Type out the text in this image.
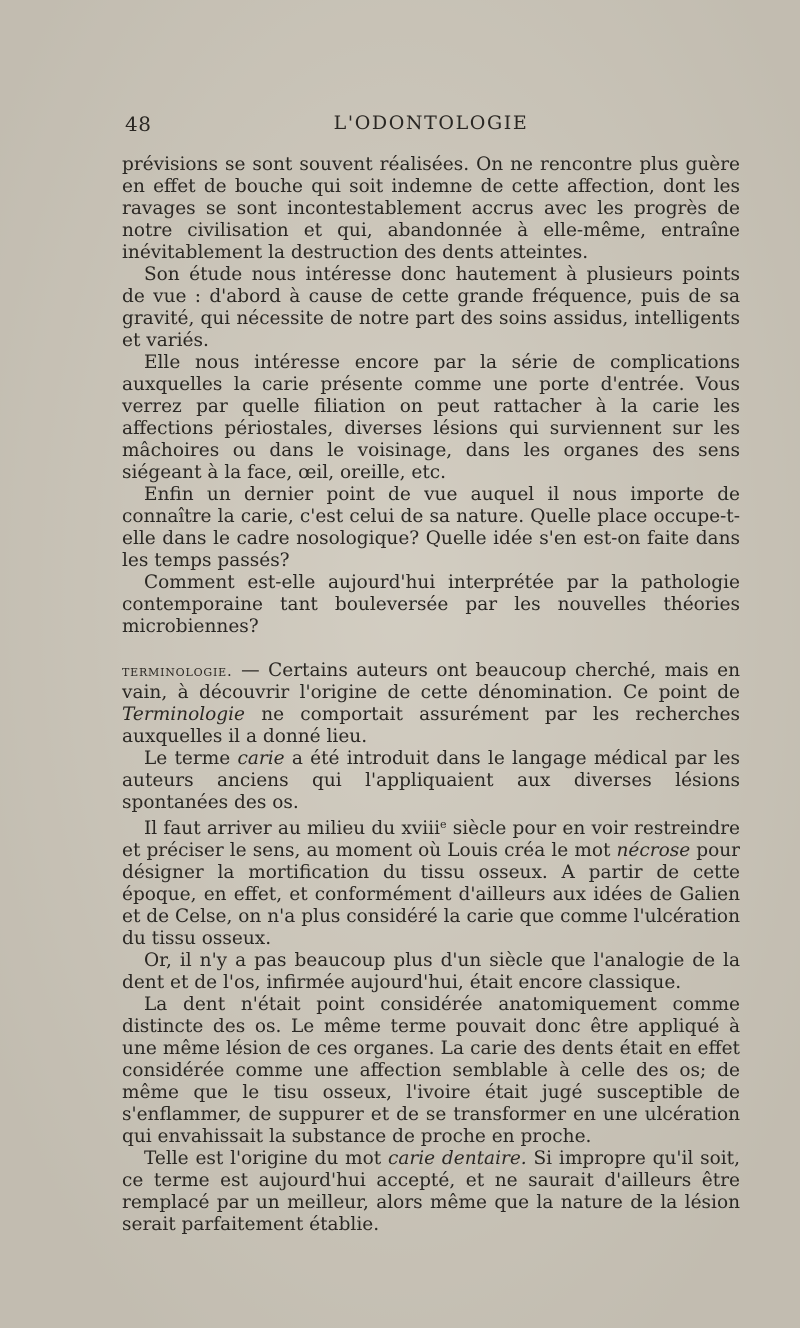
48	L'ODONTOLOGIE

prévisions se sont souvent réalisées. On ne rencontre plus guère en effet de bouche qui soit indemne de cette affection, dont les ravages se sont incontestablement accrus avec les progrès de notre civilisation et qui, abandonnée à elle-même, entraîne inévitablement la destruction des dents atteintes.

Son étude nous intéresse donc hautement à plusieurs points de vue : d'abord à cause de cette grande fréquence, puis de sa gravité, qui nécessite de notre part des soins assidus, intelligents et variés.

Elle nous intéresse encore par la série de complications auxquelles la carie présente comme une porte d'entrée. Vous verrez par quelle filiation on peut rattacher à la carie les affections périostales, diverses lésions qui surviennent sur les mâchoires ou dans le voisinage, dans les organes des sens siégeant à la face, œil, oreille, etc.

Enfin un dernier point de vue auquel il nous importe de connaître la carie, c'est celui de sa nature. Quelle place occupe-t-elle dans le cadre nosologique? Quelle idée s'en est-on faite dans les temps passés?

Comment est-elle aujourd'hui interprétée par la pathologie contemporaine tant bouleversée par les nouvelles théories microbiennes?

terminologie. — Certains auteurs ont beaucoup cherché, mais en vain, à découvrir l'origine de cette dénomination. Ce point de Terminologie ne comportait assurément par les recherches auxquelles il a donné lieu.

Le terme carie a été introduit dans le langage médical par les auteurs anciens qui l'appliquaient aux diverses lésions spontanées des os.

Il faut arriver au milieu du xviii$^e$ siècle pour en voir restreindre et préciser le sens, au moment où Louis créa le mot nécrose pour désigner la mortification du tissu osseux. A partir de cette époque, en effet, et conformément d'ailleurs aux idées de Galien et de Celse, on n'a plus considéré la carie que comme l'ulcération du tissu osseux.

Or, il n'y a pas beaucoup plus d'un siècle que l'analogie de la dent et de l'os, infirmée aujourd'hui, était encore classique.

La dent n'était point considérée anatomiquement comme distincte des os. Le même terme pouvait donc être appliqué à une même lésion de ces organes. La carie des dents était en effet considérée comme une affection semblable à celle des os; de même que le tisu osseux, l'ivoire était jugé susceptible de s'enflammer, de suppurer et de se transformer en une ulcération qui envahissait la substance de proche en proche.

Telle est l'origine du mot carie dentaire. Si impropre qu'il soit, ce terme est aujourd'hui accepté, et ne saurait d'ailleurs être remplacé par un meilleur, alors même que la nature de la lésion serait parfaitement établie.
